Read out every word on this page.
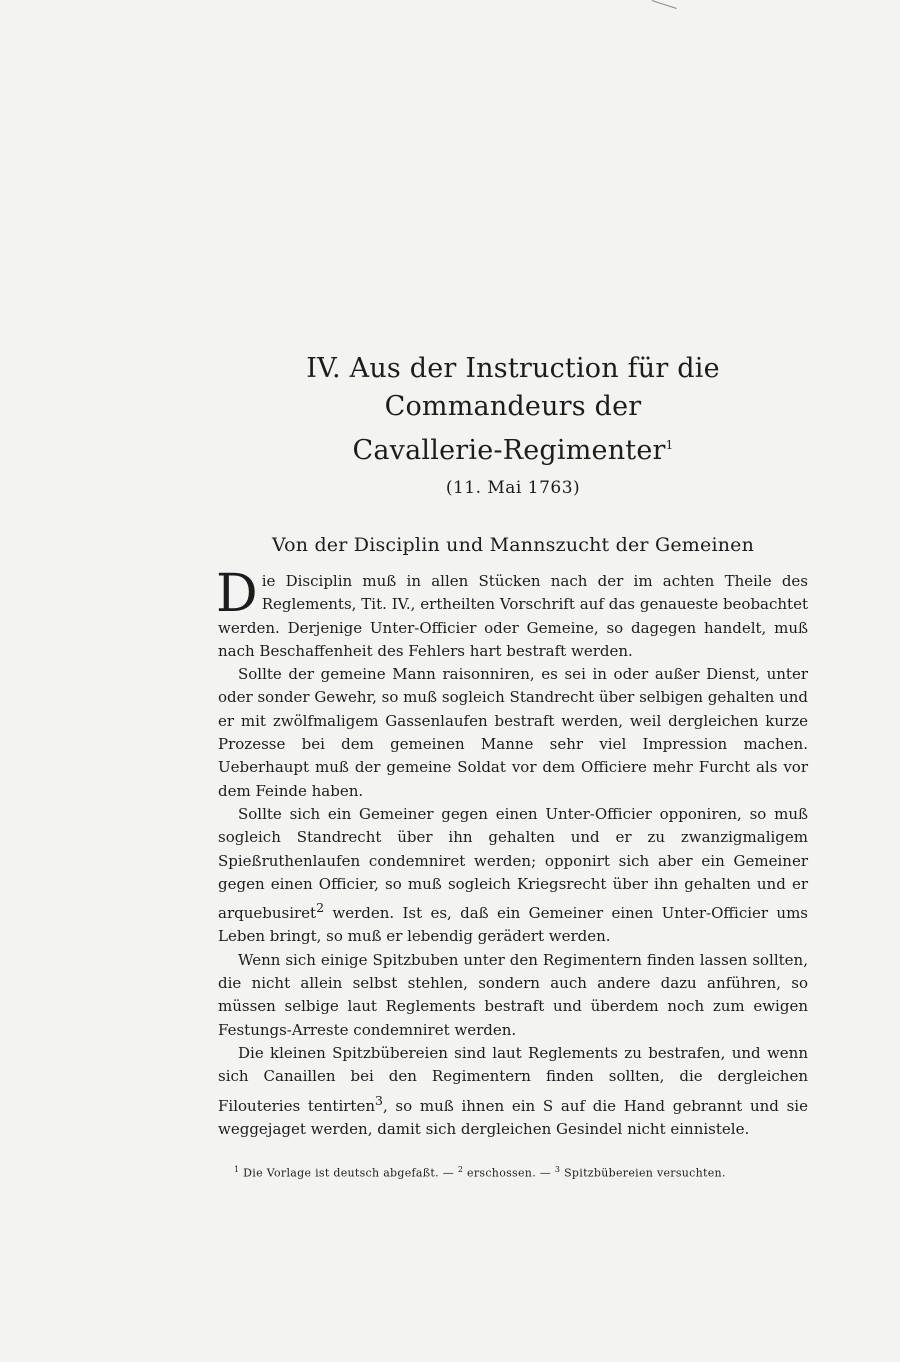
IV. Aus der Instruction für die Commandeurs der
Cavallerie-Regimenter$^1$
(11. Mai 1763)
Von der Disciplin und Mannszucht der Gemeinen

Die Disciplin muß in allen Stücken nach der im achten Theile des Reglements, Tit. IV., ertheilten Vorschrift auf das genaueste beobachtet werden. Derjenige Unter-Officier oder Gemeine, so dagegen handelt, muß nach Beschaffenheit des Fehlers hart bestraft werden.

Sollte der gemeine Mann raisonniren, es sei in oder außer Dienst, unter oder sonder Gewehr, so muß sogleich Standrecht über selbigen gehalten und er mit zwölfmaligem Gassenlaufen bestraft werden, weil dergleichen kurze Prozesse bei dem gemeinen Manne sehr viel Impression machen. Ueberhaupt muß der gemeine Soldat vor dem Officiere mehr Furcht als vor dem Feinde haben.

Sollte sich ein Gemeiner gegen einen Unter-Officier opponiren, so muß sogleich Standrecht über ihn gehalten und er zu zwanzigmaligem Spießruthenlaufen condemniret werden; opponirt sich aber ein Gemeiner gegen einen Officier, so muß sogleich Kriegsrecht über ihn gehalten und er arquebusiret$^2$ werden. Ist es, daß ein Gemeiner einen Unter-Officier ums Leben bringt, so muß er lebendig gerädert werden.

Wenn sich einige Spitzbuben unter den Regimentern finden lassen sollten, die nicht allein selbst stehlen, sondern auch andere dazu anführen, so müssen selbige laut Reglements bestraft und überdem noch zum ewigen Festungs-Arreste condemniret werden.

Die kleinen Spitzbübereien sind laut Reglements zu bestrafen, und wenn sich Canaillen bei den Regimentern finden sollten, die dergleichen Filouteries tentirten$^3$, so muß ihnen ein S auf die Hand gebrannt und sie weggejaget werden, damit sich dergleichen Gesindel nicht einnistele.

$^1$ Die Vorlage ist deutsch abgefaßt. — $^2$ erschossen. — $^3$ Spitzbübereien versuchten.
